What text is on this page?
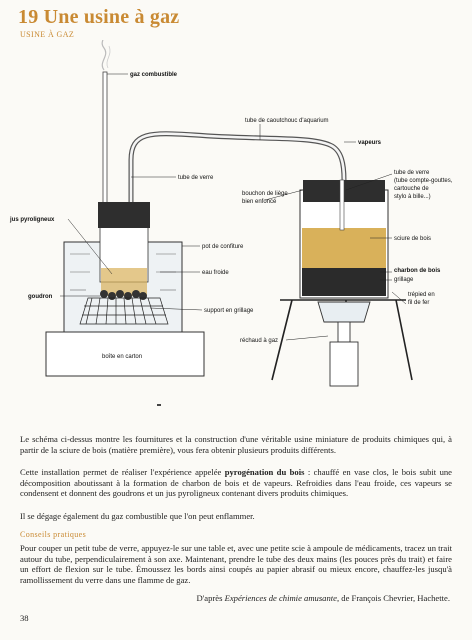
19 Une usine à gaz
USINE À GAZ
gaz combustible
tube de caoutchouc d'aquarium
vapeurs
tube de verre
bouchon de liège
bien enfoncé
tube de verre
(tube compte-gouttes,
cartouche de
stylo à bille...)
jus pyroligneux
pot de confiture
eau froide
sciure de bois
charbon de bois
grillage
goudron
support en grillage
trépied en
fil de fer
réchaud à gaz
boîte en carton

Le schéma ci-dessus montre les fournitures et la construction d'une véritable usine miniature de produits chimiques qui, à partir de la sciure de bois (matière première), vous fera obtenir plusieurs produits différents.

Cette installation permet de réaliser l'expérience appelée pyrogénation du bois : chauffé en vase clos, le bois subit une décomposition aboutissant à la formation de charbon de bois et de vapeurs. Refroidies dans l'eau froide, ces vapeurs se condensent et donnent des goudrons et un jus pyroligneux contenant divers produits chimiques.

Il se dégage également du gaz combustible que l'on peut enflammer.

Conseils pratiques

Pour couper un petit tube de verre, appuyez-le sur une table et, avec une petite scie à ampoule de médicaments, tracez un trait autour du tube, perpendiculairement à son axe. Maintenant, prendre le tube des deux mains (les pouces près du trait) et faire un effort de flexion sur le tube. Émoussez les bords ainsi coupés au papier abrasif ou mieux encore, chauffez-les jusqu'à ramollissement du verre dans une flamme de gaz.

D'après Expériences de chimie amusante, de François Chevrier, Hachette.
38
